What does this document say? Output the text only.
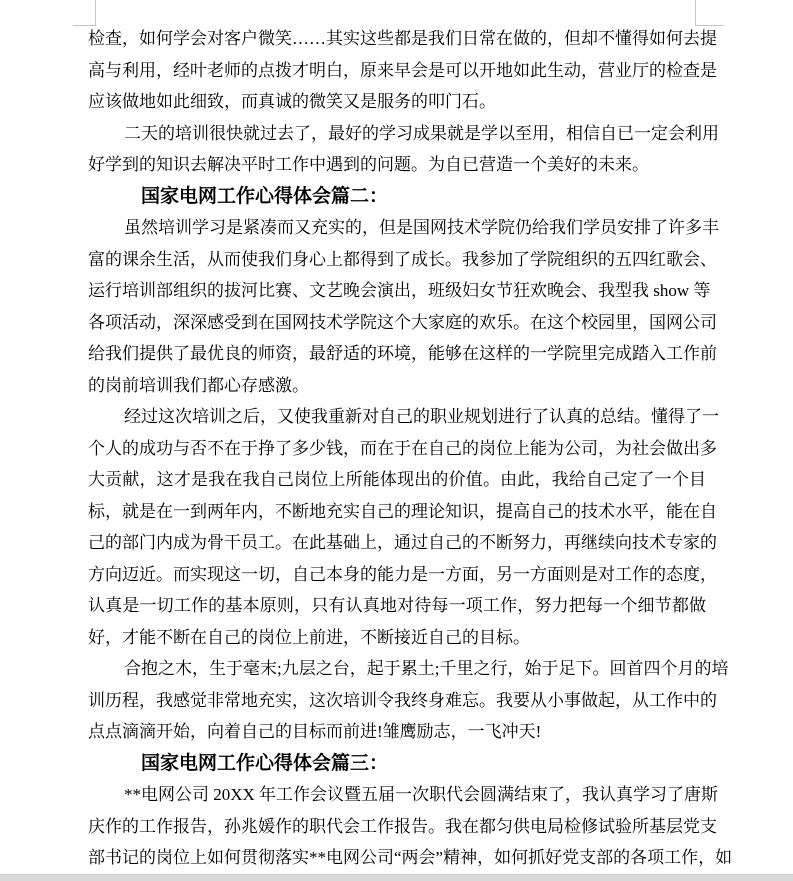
检查，如何学会对客户微笑……其实这些都是我们日常在做的，但却不懂得如何去提
高与利用，经叶老师的点拨才明白，原来早会是可以开地如此生动，营业厅的检查是
应该做地如此细致，而真诚的微笑又是服务的叩门石。
二天的培训很快就过去了，最好的学习成果就是学以至用，相信自已一定会利用
好学到的知识去解决平时工作中遇到的问题。为自已营造一个美好的未来。
国家电网工作心得体会篇二：
虽然培训学习是紧凑而又充实的，但是国网技术学院仍给我们学员安排了许多丰
富的课余生活，从而使我们身心上都得到了成长。我参加了学院组织的五四红歌会、
运行培训部组织的拔河比赛、文艺晚会演出，班级妇女节狂欢晚会、我型我 show 等
各项活动，深深感受到在国网技术学院这个大家庭的欢乐。在这个校园里，国网公司
给我们提供了最优良的师资，最舒适的环境，能够在这样的一学院里完成踏入工作前
的岗前培训我们都心存感激。
经过这次培训之后，又使我重新对自己的职业规划进行了认真的总结。懂得了一
个人的成功与否不在于挣了多少钱，而在于在自己的岗位上能为公司，为社会做出多
大贡献，这才是我在我自己岗位上所能体现出的价值。由此，我给自己定了一个目
标，就是在一到两年内，不断地充实自己的理论知识，提高自己的技术水平，能在自
己的部门内成为骨干员工。在此基础上，通过自己的不断努力，再继续向技术专家的
方向迈近。而实现这一切，自己本身的能力是一方面，另一方面则是对工作的态度，
认真是一切工作的基本原则，只有认真地对待每一项工作，努力把每一个细节都做
好，才能不断在自己的岗位上前进，不断接近自己的目标。
合抱之木，生于毫末;九层之台，起于累土;千里之行，始于足下。回首四个月的培
训历程，我感觉非常地充实，这次培训令我终身难忘。我要从小事做起，从工作中的
点点滴滴开始，向着自己的目标而前进!雏鹰励志，一飞冲天!
国家电网工作心得体会篇三：
**电网公司 20XX 年工作会议暨五届一次职代会圆满结束了，我认真学习了唐斯
庆作的工作报告，孙兆媛作的职代会工作报告。我在都匀供电局检修试验所基层党支
部书记的岗位上如何贯彻落实**电网公司“两会”精神，如何抓好党支部的各项工作，如
